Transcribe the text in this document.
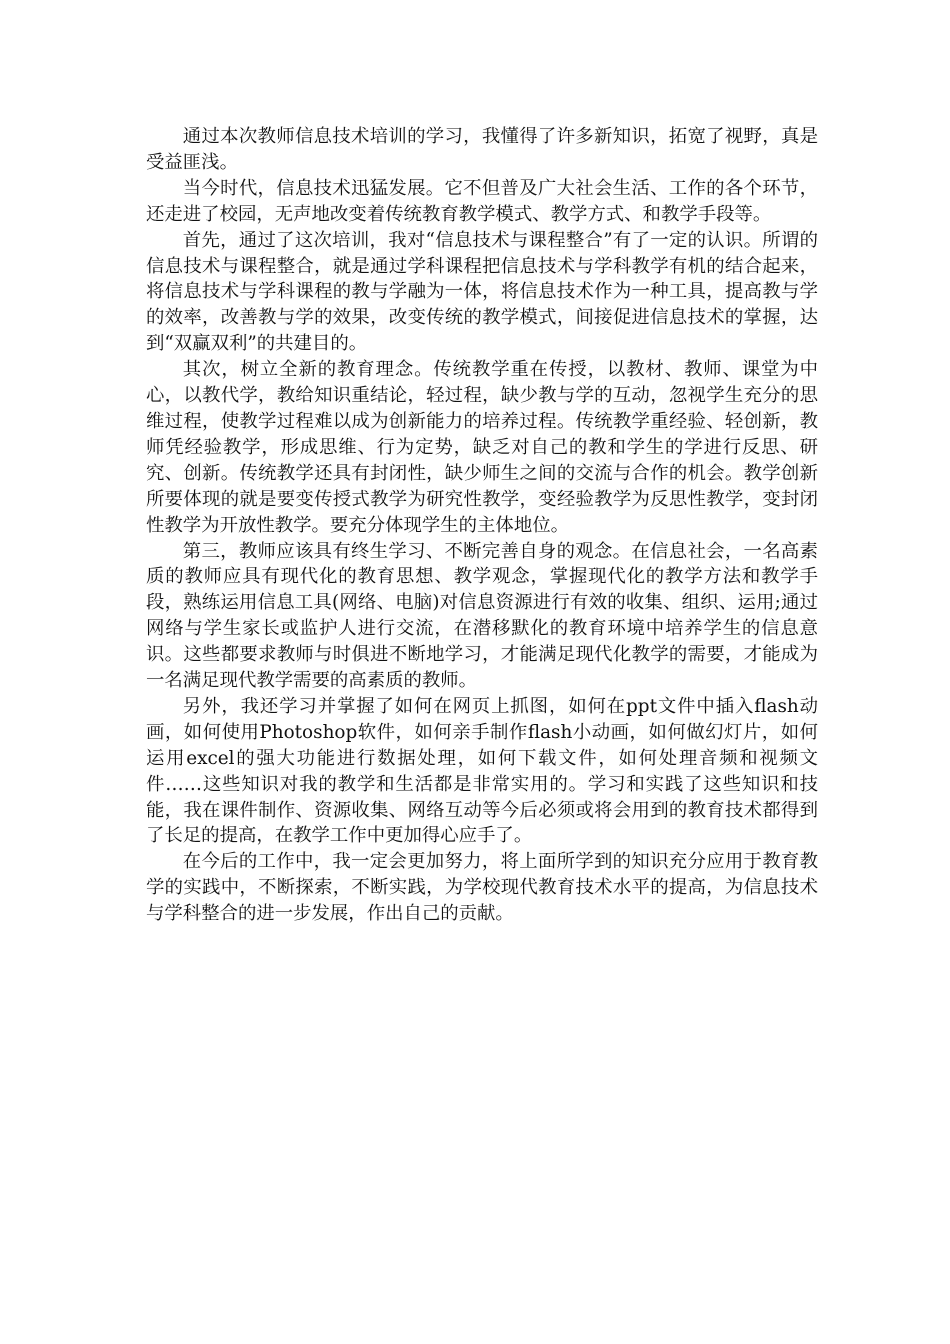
通过本次教师信息技术培训的学习，我懂得了许多新知识，拓宽了视野，真是受益匪浅。

当今时代，信息技术迅猛发展。它不但普及广大社会生活、工作的各个环节，还走进了校园，无声地改变着传统教育教学模式、教学方式、和教学手段等。

首先，通过了这次培训，我对“信息技术与课程整合”有了一定的认识。所谓的信息技术与课程整合，就是通过学科课程把信息技术与学科教学有机的结合起来，将信息技术与学科课程的教与学融为一体，将信息技术作为一种工具，提高教与学的效率，改善教与学的效果，改变传统的教学模式，间接促进信息技术的掌握，达到“双赢双利”的共建目的。

其次，树立全新的教育理念。传统教学重在传授，以教材、教师、课堂为中心，以教代学，教给知识重结论，轻过程，缺少教与学的互动，忽视学生充分的思维过程，使教学过程难以成为创新能力的培养过程。传统教学重经验、轻创新，教师凭经验教学，形成思维、行为定势，缺乏对自己的教和学生的学进行反思、研究、创新。传统教学还具有封闭性，缺少师生之间的交流与合作的机会。教学创新所要体现的就是要变传授式教学为研究性教学，变经验教学为反思性教学，变封闭性教学为开放性教学。要充分体现学生的主体地位。

第三，教师应该具有终生学习、不断完善自身的观念。在信息社会，一名高素质的教师应具有现代化的教育思想、教学观念，掌握现代化的教学方法和教学手段，熟练运用信息工具(网络、电脑)对信息资源进行有效的收集、组织、运用;通过网络与学生家长或监护人进行交流，在潜移默化的教育环境中培养学生的信息意识。这些都要求教师与时俱进不断地学习，才能满足现代化教学的需要，才能成为一名满足现代教学需要的高素质的教师。

另外，我还学习并掌握了如何在网页上抓图，如何在ppt文件中插入flash动画，如何使用Photoshop软件，如何亲手制作flash小动画，如何做幻灯片，如何运用excel的强大功能进行数据处理，如何下载文件，如何处理音频和视频文件……这些知识对我的教学和生活都是非常实用的。学习和实践了这些知识和技能，我在课件制作、资源收集、网络互动等今后必须或将会用到的教育技术都得到了长足的提高，在教学工作中更加得心应手了。

在今后的工作中，我一定会更加努力，将上面所学到的知识充分应用于教育教学的实践中，不断探索，不断实践，为学校现代教育技术水平的提高，为信息技术与学科整合的进一步发展，作出自己的贡献。
